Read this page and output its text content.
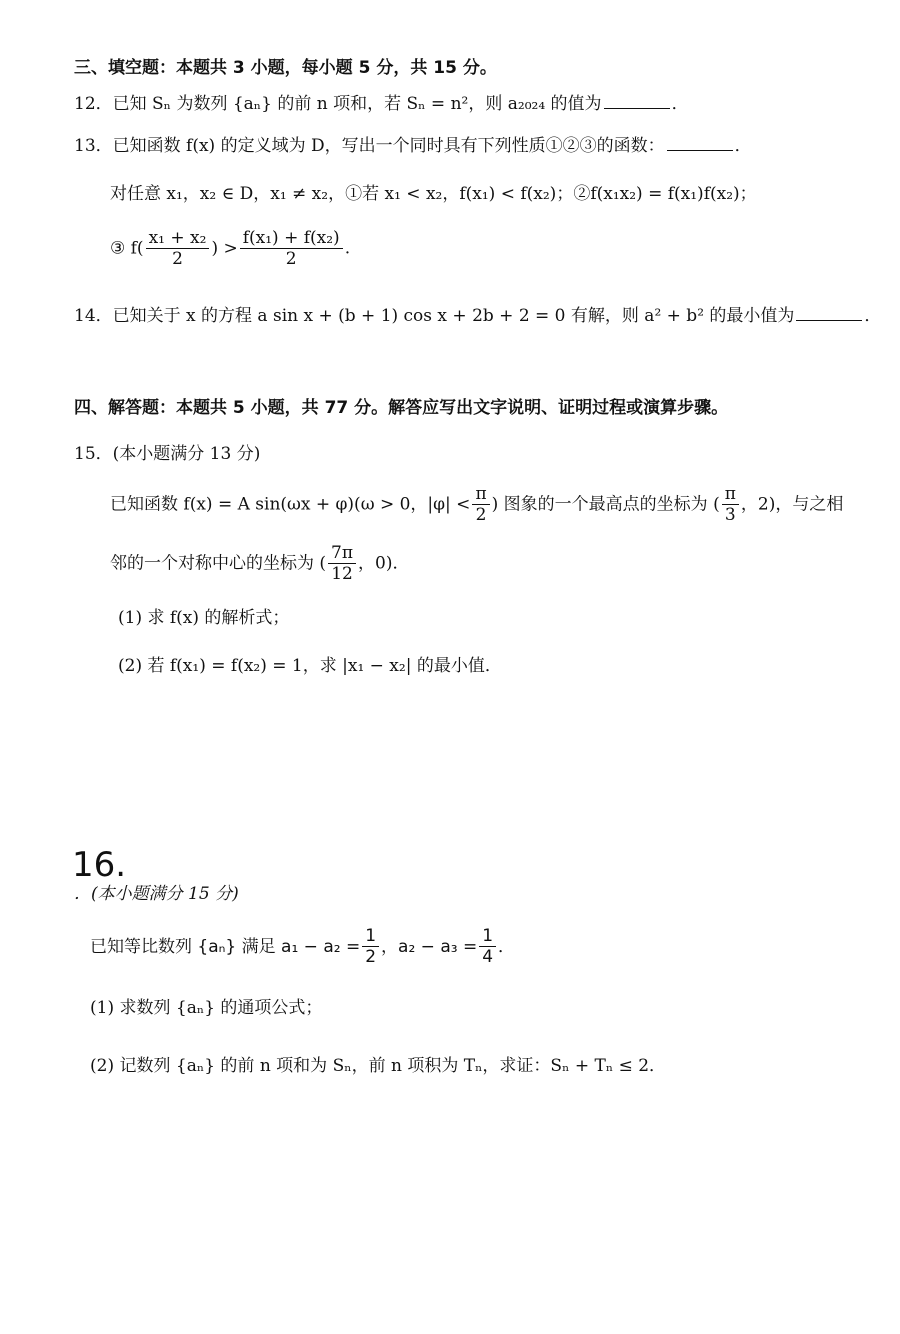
三、填空题：本题共 3 小题，每小题 5 分，共 15 分。
12．已知 Sₙ 为数列 {aₙ} 的前 n 项和，若 Sₙ = n²，则 a₂₀₂₄ 的值为	．
13．已知函数 f(x) 的定义域为 D，写出一个同时具有下列性质①②③的函数：	．
对任意 x₁，x₂ ∈ D，x₁ ≠ x₂，①若 x₁ < x₂，f(x₁) < f(x₂)；②f(x₁x₂) = f(x₁)f(x₂)；
③ $f( \frac{\text{x₁ + x₂}}{2}$ ) > $\frac{\text{f(x₁) + f(x₂)}}{2}$ .
14．已知关于 x 的方程 a sin x + (b + 1) cos x + 2b + 2 = 0 有解，则 a² + b² 的最小值为	．
四、解答题：本题共 5 小题，共 77 分。解答应写出文字说明、证明过程或演算步骤。
15．(本小题满分 13 分)
已知函数 f(x) = A sin(ωx + φ)(ω > 0，$|\varphi| < \frac{\pi}{2}$ ) 图象的一个最高点的坐标为 ( $\frac{\pi}{3}$ ，2)，与之相
邻的一个对称中心的坐标为 ( $\frac{7\pi}{12}$ ，0)．
(1) 求 f(x) 的解析式；
(2) 若 f(x₁) = f(x₂) = 1，求 |x₁ − x₂| 的最小值．
16.
．(本小题满分 15 分)
已知等比数列 {aₙ} 满足 $a_1 - a_2 = \frac{1}{2}$ ，$a_2 - a_3 = \frac{1}{4}$ ．
(1) 求数列 {aₙ} 的通项公式；
(2) 记数列 {aₙ} 的前 n 项和为 Sₙ，前 n 项积为 Tₙ，求证：Sₙ + Tₙ ≤ 2．
